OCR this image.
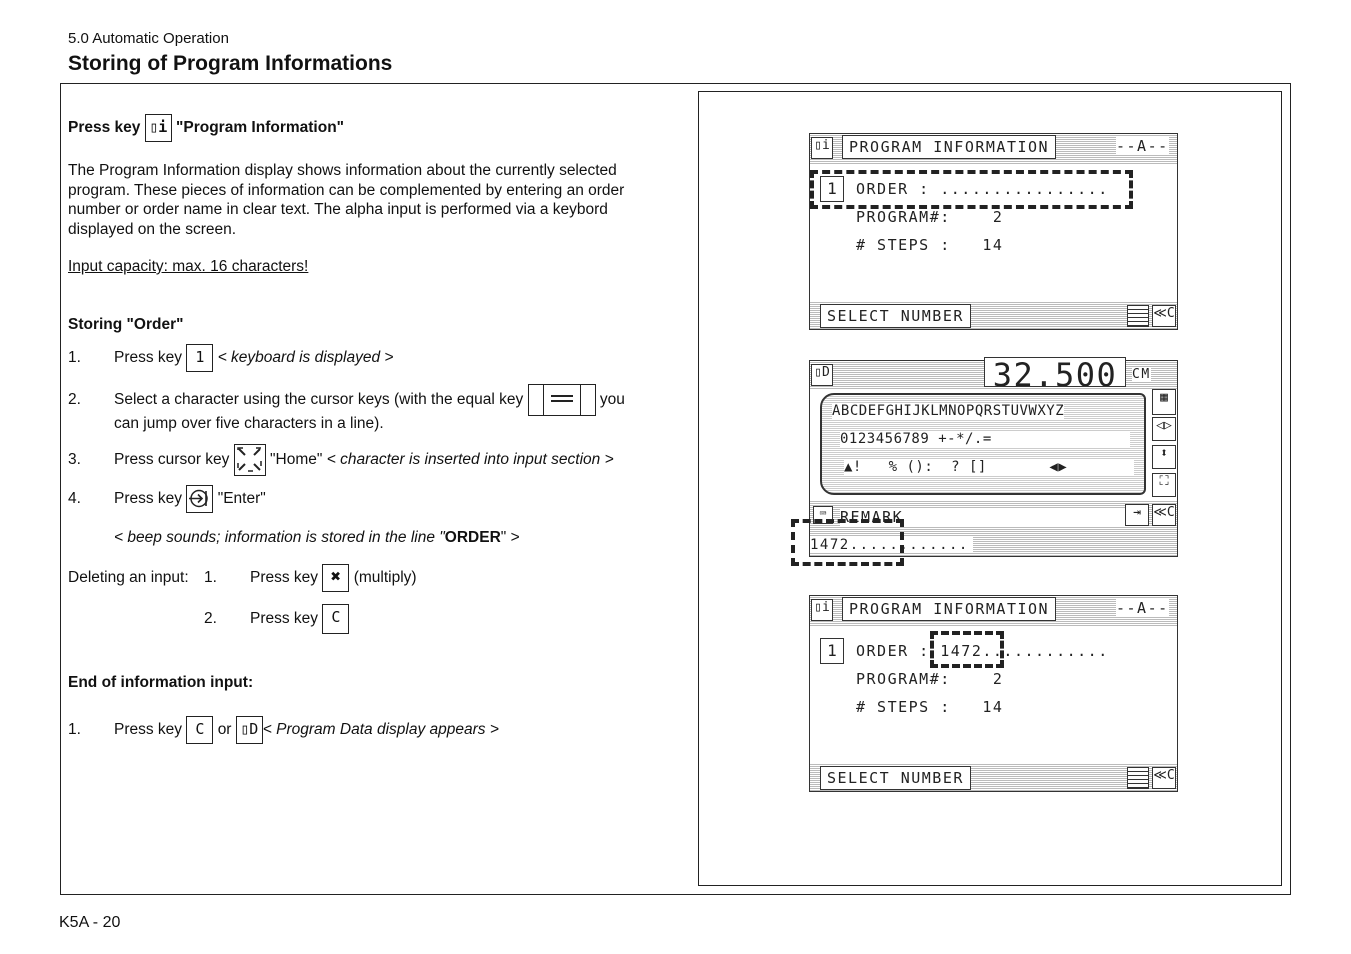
5.0 Automatic Operation
Storing of Program Informations
Press key ▯i "Program Information"
The Program Information display shows information about the currently selected
program. These pieces of information can be complemented by entering an order
number or order name in clear text. The alpha input is performed via a keybord
displayed on the screen.
Input capacity: max. 16 characters!
Storing "Order"
1. Press key 1 < keyboard is displayed >
2. Select a character using the cursor keys (with the equal key	you
can jump over five characters in a line).
3. Press cursor key	"Home" < character is inserted into input section >
4. Press key "Enter"
< beep sounds; information is stored in the line "ORDER" >
Deleting an input: 1. Press key ✖ (multiply)
2. Press key C
End of information input:
1. Press key C or ▯D < Program Data display appears >
▯i	PROGRAM INFORMATION	--A--
1	ORDER : ................
PROGRAM#:    2
# STEPS :   14
SELECT NUMBER	≪C
▯D	32.500	CM
ABCDEFGHIJKLMNOPQRSTUVWXYZ
0123456789 +-*/.=
▲!   % ():  ? []       ◀▶
▦
◁▷
⬍
⛶
⌨ REMARK	⇥ ≪C
1472............
▯i	PROGRAM INFORMATION	--A--
1	ORDER : 1472............
PROGRAM#:    2
# STEPS :   14
SELECT NUMBER	≪C
K5A - 20
